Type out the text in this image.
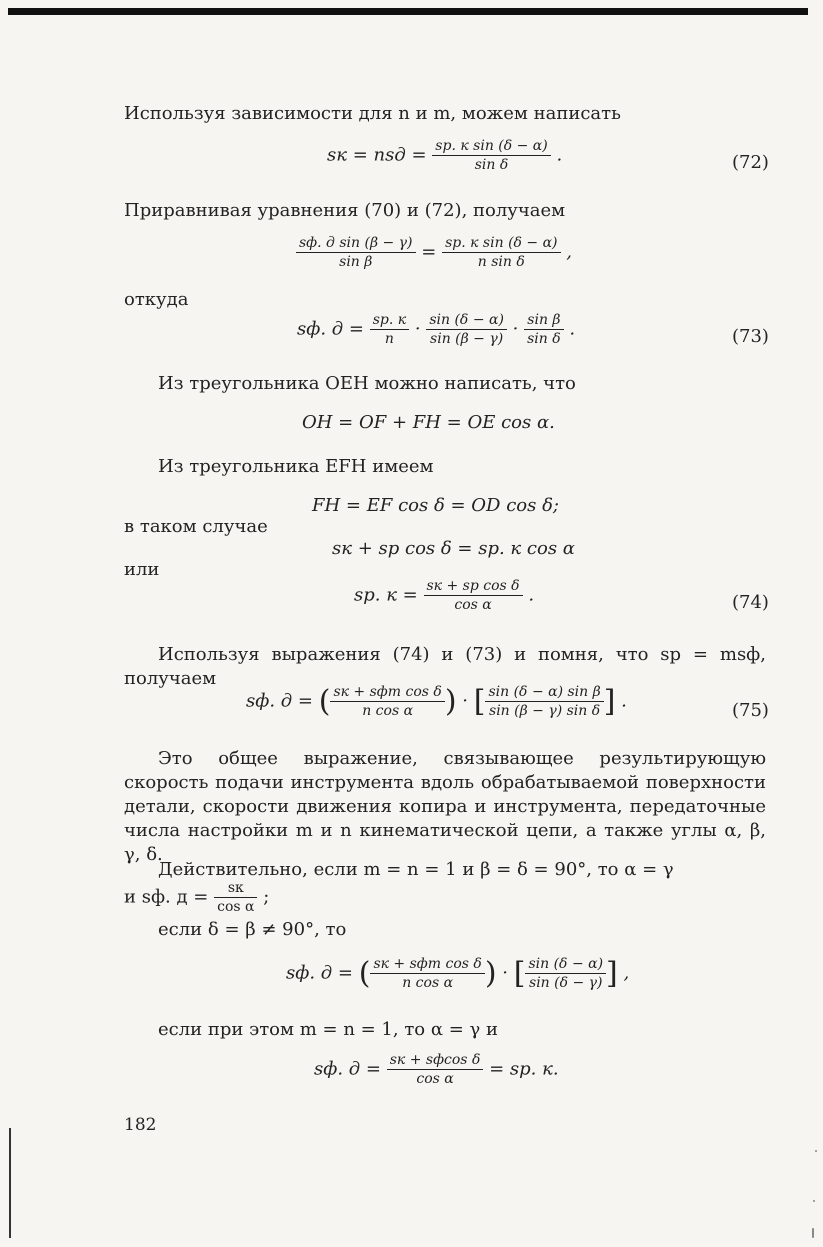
Используя зависимости для n и m, можем написать
sк = nsд = $\frac{\text{sр. к sin (δ − α)}}{\text{sin δ}}$ .	(72)
Приравнивая уравнения (70) и (72), получаем
$\frac{\text{sф. д sin (β − γ)}}{\text{sin β}} = \frac{\text{sр. к sin (δ − α)}}{\text{n sin δ}}$ ,
откуда
sф. $д = \frac{sр. к}{n} \cdot \frac{\sin (\delta - \alpha)}{\sin (\beta - \gamma)} \cdot \frac{\text{sin β}}{\text{sin δ}}$ .	(73)
Из треугольника OEH можно написать, что
OH = OF + FH = OE cos α.
Из треугольника EFH имеем
FH = EF cos δ = OD cos δ;
в таком случае
sк + sр cos δ = sр. к cos α
или
sр. $к = \frac{\text{sк + sр cos δ}}{\text{cos α}}$ .	(74)
Используя выражения (74) и (73) и помня, что sр = msф, получаем
sф. д = ( $\frac{\text{sк + sфm cos δ}}{\text{n cos α}}$ ) · [ $\frac{\text{sin (δ − α) sin β}}{\text{sin (β − γ) sin δ}}$ ] .	(75)
Это общее выражение, связывающее результирующую скорость подачи инструмента вдоль обрабатываемой поверхности детали, скорости движения копира и инструмента, передаточные числа настройки m и n кинематической цепи, а также углы α, β, γ, δ.
Действительно, если m = n = 1 и β = δ = 90°, то α = γ
и sф. $д = \frac{sк}{\text{cos α}}$ ;
если δ = β ≠ 90°, то
sф. д = ( $\frac{\text{sк + sфm cos δ}}{\text{n cos α}}$ ) · [ $\frac{\sin (\delta - \alpha)}{\sin (\delta - \gamma)}$ ] ,
если при этом m = n = 1, то α = γ и
sф. $д = \frac{\text{sк + sфcos δ}}{\text{cos α}}$ = sр. к.
182
